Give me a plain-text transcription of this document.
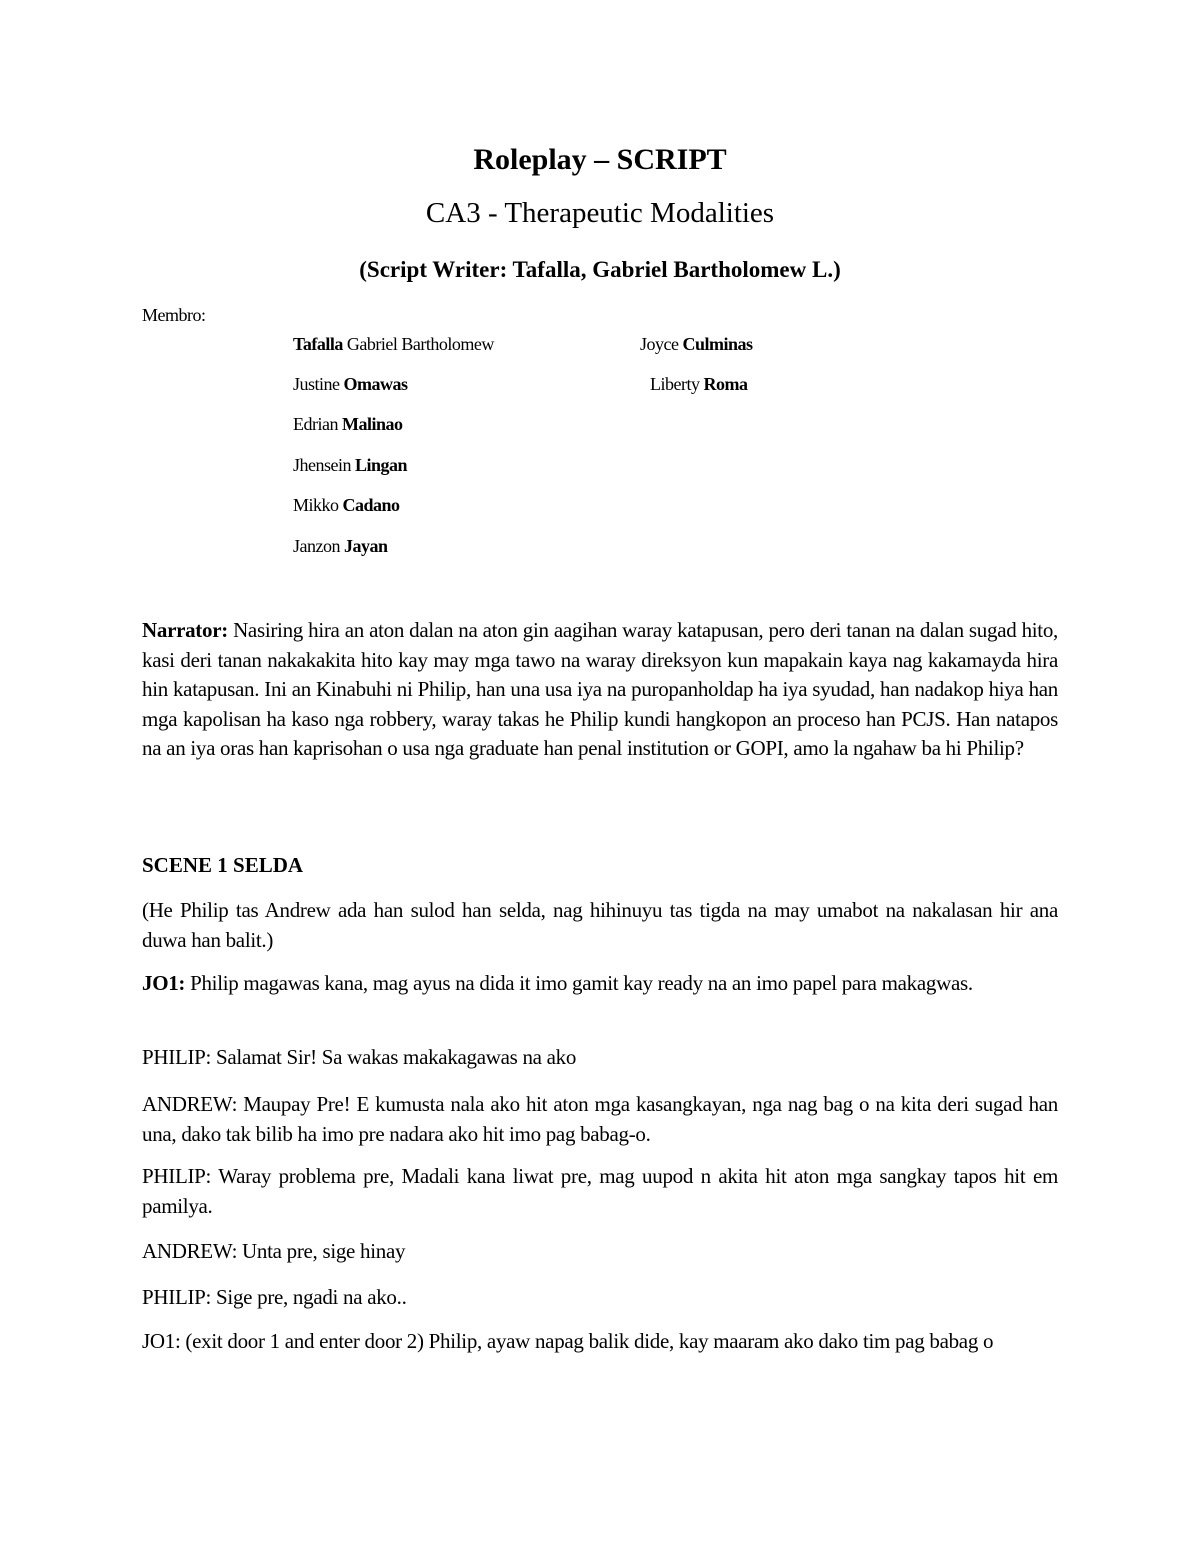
Roleplay – SCRIPT
CA3 - Therapeutic Modalities
(Script Writer: Tafalla, Gabriel Bartholomew L.)
Membro:
Tafalla Gabriel Bartholomew
Justine Omawas
Edrian Malinao
Jhensein Lingan
Mikko Cadano
Janzon Jayan
Joyce Culminas
Liberty Roma
Narrator: Nasiring hira an aton dalan na aton gin aagihan waray katapusan, pero deri tanan na dalan sugad hito, kasi deri tanan nakakakita hito kay may mga tawo na waray direksyon kun mapakain kaya nag kakamayda hira hin katapusan. Ini an Kinabuhi ni Philip, han una usa iya na puropanholdap ha iya syudad, han nadakop hiya han mga kapolisan ha kaso nga robbery, waray takas he Philip kundi hangkopon an proceso han PCJS. Han natapos na an iya oras han kaprisohan o usa nga graduate han penal institution or GOPI, amo la ngahaw ba hi Philip?
SCENE 1 SELDA
(He Philip tas Andrew ada han sulod han selda, nag hihinuyu tas tigda na may umabot na nakalasan hir ana duwa han balit.)
JO1: Philip magawas kana, mag ayus na dida it imo gamit kay ready na an imo papel para makagwas.
PHILIP: Salamat Sir! Sa wakas makakagawas na ako
ANDREW: Maupay Pre! E kumusta nala ako hit aton mga kasangkayan, nga nag bag o na kita deri sugad han una, dako tak bilib ha imo pre nadara ako hit imo pag babag-o.
PHILIP: Waray problema pre, Madali kana liwat pre, mag uupod n akita hit aton mga sangkay tapos hit em pamilya.
ANDREW: Unta pre, sige hinay
PHILIP: Sige pre, ngadi na ako..
JO1: (exit door 1 and enter door 2) Philip, ayaw napag balik dide, kay maaram ako dako tim pag babag o
